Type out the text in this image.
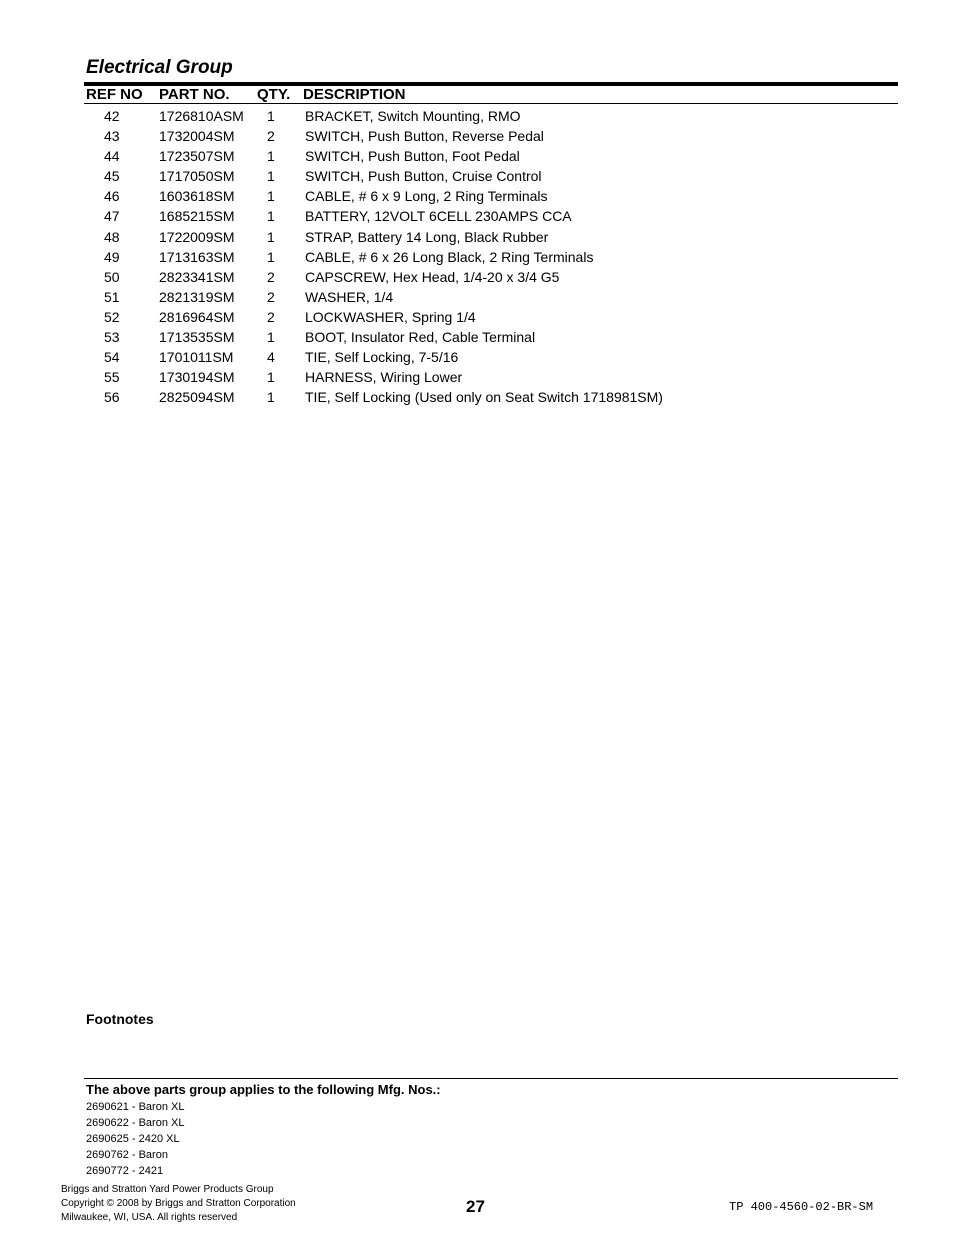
Electrical Group
REF NO PART NO. QTY. DESCRIPTION
42	1726810ASM 1 BRACKET, Switch Mounting, RMO
43	1732004SM 2 SWITCH, Push Button, Reverse Pedal
44	1723507SM 1 SWITCH, Push Button, Foot Pedal
45	1717050SM 1 SWITCH, Push Button, Cruise Control
46	1603618SM 1 CABLE, # 6 x 9 Long, 2 Ring Terminals
47	1685215SM 1 BATTERY, 12VOLT 6CELL 230AMPS CCA
48	1722009SM 1 STRAP, Battery 14 Long, Black Rubber
49	1713163SM 1 CABLE, # 6 x 26 Long Black, 2 Ring Terminals
50	2823341SM 2 CAPSCREW, Hex Head, 1/4-20 x 3/4 G5
51	2821319SM 2 WASHER, 1/4
52	2816964SM 2 LOCKWASHER, Spring 1/4
53	1713535SM 1 BOOT, Insulator Red, Cable Terminal
54	1701011SM 4 TIE, Self Locking, 7-5/16
55	1730194SM 1 HARNESS, Wiring Lower
56	2825094SM 1 TIE, Self Locking (Used only on Seat Switch 1718981SM)
Footnotes
The above parts group applies to the following Mfg. Nos.:
2690621 - Baron XL
2690622 - Baron XL
2690625 - 2420 XL
2690762 - Baron
2690772 - 2421
Briggs and Stratton Yard Power Products Group
Copyright © 2008 by Briggs and Stratton Corporation
Milwaukee, WI, USA. All rights reserved
27	TP 400-4560-02-BR-SM
